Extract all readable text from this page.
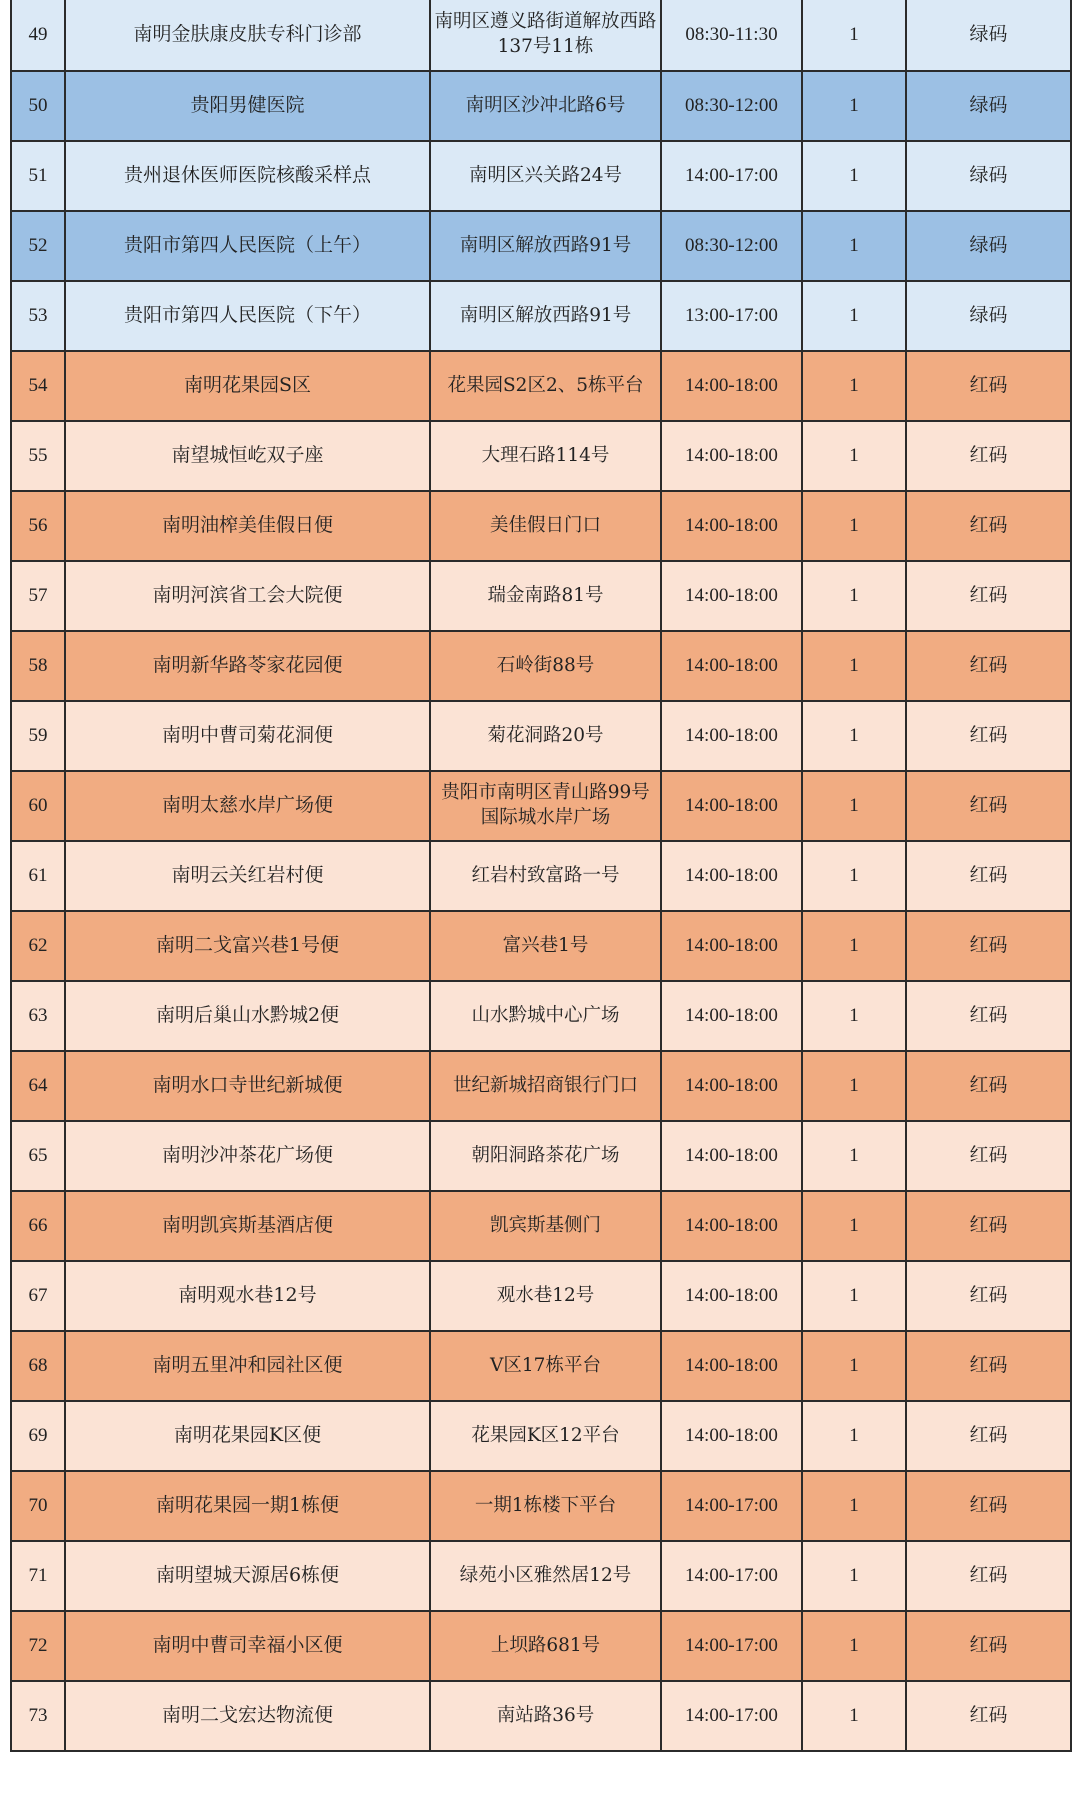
49	南明金肤康皮肤专科门诊部	南明区遵义路街道解放西路137号11栋	08:30-11:30	1	绿码
50	贵阳男健医院	南明区沙冲北路6号	08:30-12:00	1	绿码
51	贵州退休医师医院核酸采样点	南明区兴关路24号	14:00-17:00	1	绿码
52	贵阳市第四人民医院（上午）	南明区解放西路91号	08:30-12:00	1	绿码
53	贵阳市第四人民医院（下午）	南明区解放西路91号	13:00-17:00	1	绿码
54	南明花果园S区	花果园S2区2、5栋平台	14:00-18:00	1	红码
55	南望城恒屹双子座	大理石路114号	14:00-18:00	1	红码
56	南明油榨美佳假日便	美佳假日门口	14:00-18:00	1	红码
57	南明河滨省工会大院便	瑞金南路81号	14:00-18:00	1	红码
58	南明新华路苓家花园便	石岭街88号	14:00-18:00	1	红码
59	南明中曹司菊花洞便	菊花洞路20号	14:00-18:00	1	红码
60	南明太慈水岸广场便	贵阳市南明区青山路99号国际城水岸广场	14:00-18:00	1	红码
61	南明云关红岩村便	红岩村致富路一号	14:00-18:00	1	红码
62	南明二戈富兴巷1号便	富兴巷1号	14:00-18:00	1	红码
63	南明后巢山水黔城2便	山水黔城中心广场	14:00-18:00	1	红码
64	南明水口寺世纪新城便	世纪新城招商银行门口	14:00-18:00	1	红码
65	南明沙冲茶花广场便	朝阳洞路茶花广场	14:00-18:00	1	红码
66	南明凯宾斯基酒店便	凯宾斯基侧门	14:00-18:00	1	红码
67	南明观水巷12号	观水巷12号	14:00-18:00	1	红码
68	南明五里冲和园社区便	V区17栋平台	14:00-18:00	1	红码
69	南明花果园K区便	花果园K区12平台	14:00-18:00	1	红码
70	南明花果园一期1栋便	一期1栋楼下平台	14:00-17:00	1	红码
71	南明望城天源居6栋便	绿苑小区雅然居12号	14:00-17:00	1	红码
72	南明中曹司幸福小区便	上坝路681号	14:00-17:00	1	红码
73	南明二戈宏达物流便	南站路36号	14:00-17:00	1	红码
